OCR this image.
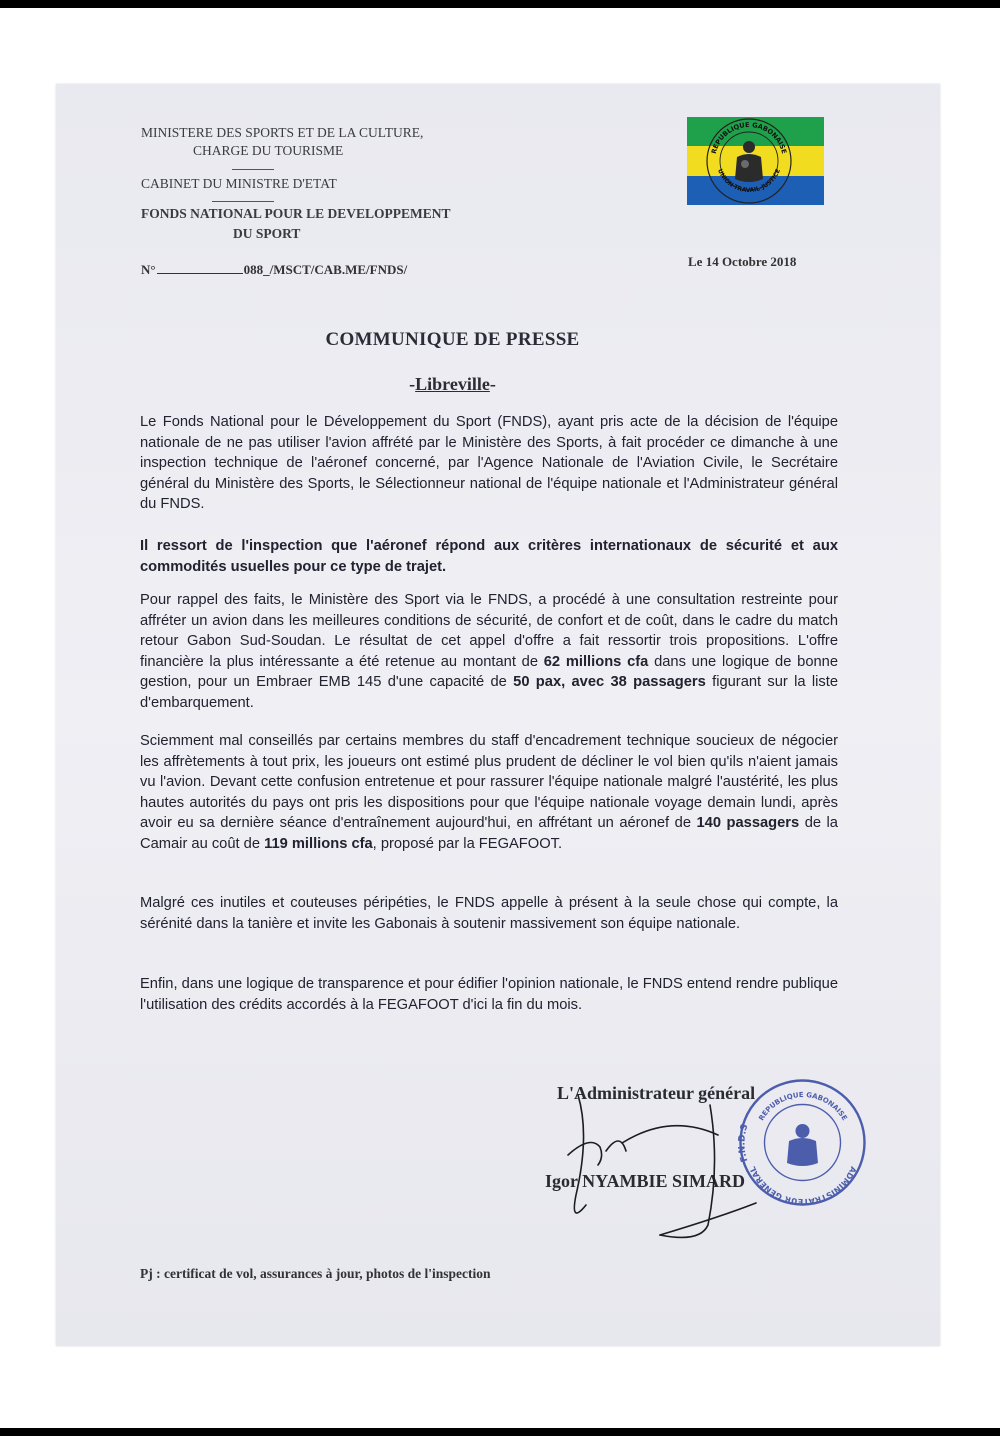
MINISTERE DES SPORTS ET DE LA CULTURE,
CHARGE DU TOURISME
CABINET DU MINISTRE D'ETAT
FONDS NATIONAL POUR LE DEVELOPPEMENT
DU SPORT
N°	088_/MSCT/CAB.ME/FNDS/
REPUBLIQUE GABONAISE
UNION-TRAVAIL-JUSTICE
Le 14 Octobre 2018
COMMUNIQUE DE PRESSE
-Libreville-
Le Fonds National pour le Développement du Sport (FNDS), ayant pris acte de la décision de l'équipe nationale de ne pas utiliser l'avion affrété par le Ministère des Sports, à fait procéder ce dimanche à une inspection technique de l'aéronef concerné, par l'Agence Nationale de l'Aviation Civile, le Secrétaire général du Ministère des Sports, le Sélectionneur national de l'équipe nationale et l'Administrateur général du FNDS.
Il ressort de l'inspection que l'aéronef répond aux critères internationaux de sécurité et aux commodités usuelles pour ce type de trajet.
Pour rappel des faits, le Ministère des Sport via le FNDS, a procédé à une consultation restreinte pour affréter un avion dans les meilleures conditions de sécurité, de confort et de coût, dans le cadre du match retour Gabon Sud-Soudan. Le résultat de cet appel d'offre a fait ressortir trois propositions. L'offre financière la plus intéressante a été retenue au montant de 62 millions cfa dans une logique de bonne gestion, pour un Embraer EMB 145 d'une capacité de 50 pax, avec 38 passagers figurant sur la liste d'embarquement.
Sciemment mal conseillés par certains membres du staff d'encadrement technique soucieux de négocier les affrètements à tout prix, les joueurs ont estimé plus prudent de décliner le vol bien qu'ils n'aient jamais vu l'avion. Devant cette confusion entretenue et pour rassurer l'équipe nationale malgré l'austérité, les plus hautes autorités du pays ont pris les dispositions pour que l'équipe nationale voyage demain lundi, après avoir eu sa dernière séance d'entraînement aujourd'hui, en affrétant un aéronef de 140 passagers de la Camair au coût de 119 millions cfa, proposé par la FEGAFOOT.
Malgré ces inutiles et couteuses péripéties, le FNDS appelle à présent à la seule chose qui compte, la sérénité dans la tanière et invite les Gabonais à soutenir massivement son équipe nationale.
Enfin, dans une logique de transparence et pour édifier l'opinion nationale, le FNDS entend rendre publique l'utilisation des crédits accordés à la FEGAFOOT d'ici la fin du mois.
L'Administrateur général
Igor NYAMBIE SIMARD
REPUBLIQUE GABONAISE
ADMINISTRATEUR GENERAL
F.N.D.S
Pj : certificat de vol, assurances à jour, photos de l'inspection
